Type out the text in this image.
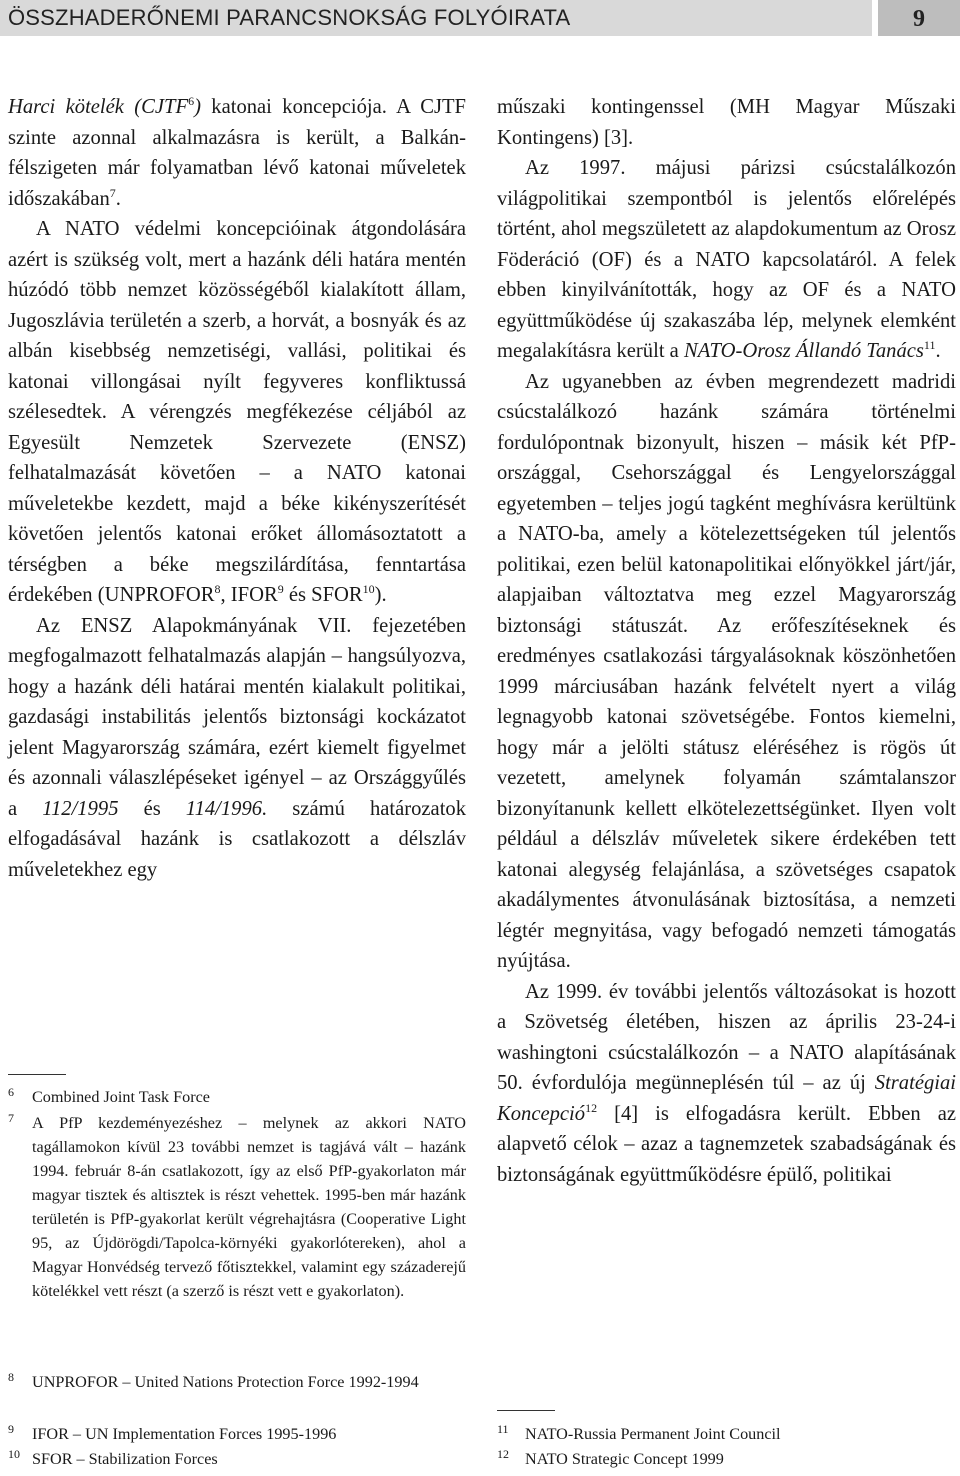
ÖSSZHADERŐNEMI PARANCSNOKSÁG FOLYÓIRATA	9

Harci kötelék (CJTF$^6$) katonai koncepciója. A CJTF szinte azonnal alkalmazásra is került, a Balkán-félszigeten már folyamatban lévő katonai műveletek időszakában$^7$.

A NATO védelmi koncepcióinak átgondolására azért is szükség volt, mert a hazánk déli határa mentén húzódó több nemzet közösségéből kialakított állam, Jugoszlávia területén a szerb, a horvát, a bosnyák és az albán kisebbség nemzetiségi, vallási, politikai és katonai villongásai nyílt fegyveres konfliktussá szélesedtek. A vérengzés megfékezése céljából az Egyesült Nemzetek Szervezete (ENSZ) felhatalmazását követően – a NATO katonai műveletekbe kezdett, majd a béke kikényszerítését követően jelentős katonai erőket állomásoztatott a térségben a béke megszilárdítása, fenntartása érdekében (UNPROFOR$^8$, IFOR$^9$ és SFOR$^{10}$).

Az ENSZ Alapokmányának VII. fejezetében megfogalmazott felhatalmazás alapján – hangsúlyozva, hogy a hazánk déli határai mentén kialakult politikai, gazdasági instabilitás jelentős biztonsági kockázatot jelent Magyarország számára, ezért kiemelt figyelmet és azonnali válaszlépéseket igényel – az Országgyűlés a 112/1995 és 114/1996. számú határozatok elfogadásával hazánk is csatlakozott a délszláv műveletekhez egy

műszaki kontingenssel (MH Magyar Műszaki Kontingens) [3].

Az 1997. májusi párizsi csúcstalálkozón világpolitikai szempontból is jelentős előrelépés történt, ahol megszületett az alapdokumentum az Orosz Föderáció (OF) és a NATO kapcsolatáról. A felek ebben kinyilvánították, hogy az OF és a NATO együttműködése új szakaszába lép, melynek elemként megalakításra került a NATO-Orosz Állandó Tanács$^{11}$.

Az ugyanebben az évben megrendezett madridi csúcstalálkozó hazánk számára történelmi fordulópontnak bizonyult, hiszen – másik két PfP-országgal, Csehországgal és Lengyelországgal egyetemben – teljes jogú tagként meghívásra kerültünk a NATO-ba, amely a kötelezettségeken túl jelentős politikai, ezen belül katonapolitikai előnyökkel járt/jár, alapjaiban változtatva meg ezzel Magyarország biztonsági státuszát. Az erőfeszítéseknek és eredményes csatlakozási tárgyalásoknak köszönhetően 1999 márciusában hazánk felvételt nyert a világ legnagyobb katonai szövetségébe. Fontos kiemelni, hogy már a jelölti státusz eléréséhez is rögös út vezetett, amelynek folyamán számtalanszor bizonyítanunk kellett elkötelezettségünket. Ilyen volt például a délszláv műveletek sikere érdekében tett katonai alegység felajánlása, a szövetséges csapatok akadálymentes átvonulásának biztosítása, a nemzeti légtér megnyitása, vagy befogadó nemzeti támogatás nyújtása.

Az 1999. év további jelentős változásokat is hozott a Szövetség életében, hiszen az április 23-24-i washingtoni csúcstalálkozón – a NATO alapításának 50. évfordulója megünneplésén túl – az új Stratégiai Koncepció$^{12}$ [4] is elfogadásra került. Ebben az alapvető célok – azaz a tagnemzetek szabadságának és biztonságának együttműködésre épülő, politikai

6 Combined Joint Task Force
7 A PfP kezdeményezéshez – melynek az akkori NATO tagállamokon kívül 23 további nemzet is tagjává vált – hazánk 1994. február 8-án csatlakozott, így az első PfP-gyakorlaton már magyar tisztek és altisztek is részt vehettek. 1995-ben már hazánk területén is PfP-gyakorlat került végrehajtásra (Cooperative Light 95, az Újdörögdi/Tapolca-környéki gyakorlótereken), ahol a Magyar Honvédség tervező főtisztekkel, valamint egy századerejű kötelékkel vett részt (a szerző is részt vett e gyakorlaton).
8 UNPROFOR – United Nations Protection Force 1992-1994
9 IFOR – UN Implementation Forces 1995-1996
10 SFOR – Stabilization Forces
11 NATO-Russia Permanent Joint Council
12 NATO Strategic Concept 1999
